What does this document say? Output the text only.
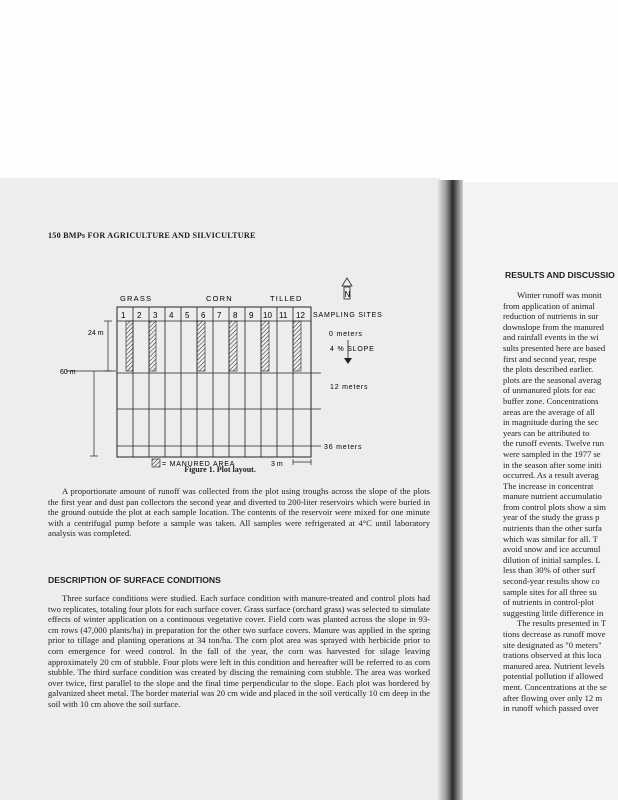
150 BMPs FOR AGRICULTURE AND SILVICULTURE
GRASS	CORN	TILLED	N
1 2 3 4 5 6 7 8 9 10 11 12 SAMPLING SITES
0 meters
4 % SLOPE
12 meters
36 meters
24 m
60 m
3 m
= MANURED AREA
Figure 1. Plot layout.

A proportionate amount of runoff was collected from the plot using troughs across the slope of the plots the first year and dust pan collectors the second year and diverted to 200-liter reservoirs which were buried in the ground outside the plot at each sample location. The contents of the reservoir were mixed for one minute with a centrifugal pump before a sample was taken. All samples were refrigerated at 4°C until laboratory analysis was completed.

DESCRIPTION OF SURFACE CONDITIONS

Three surface conditions were studied. Each surface condition with manure-treated and control plots had two replicates, totaling four plots for each surface cover. Grass surface (orchard grass) was selected to simulate effects of winter application on a continuous vegetative cover. Field corn was planted across the slope in 93-cm rows (47,000 plants/ha) in preparation for the other two surface covers. Manure was applied in the spring prior to tillage and planting operations at 34 ton/ha. The corn plot area was sprayed with herbicide prior to corn emergence for weed control. In the fall of the year, the corn was harvested for silage leaving approximately 20 cm of stubble. Four plots were left in this condition and hereafter will be referred to as corn stubble. The third surface condition was created by discing the remaining corn stubble. The area was worked over twice, first parallel to the slope and the final time perpendicular to the slope. Each plot was bordered by galvanized sheet metal. The border material was 20 cm wide and placed in the soil vertically 10 cm deep in the soil with 10 cm above the soil surface.

RESULTS AND DISCUSSIO
Winter runoff was monit
from application of animal
reduction of nutrients in sur
downslope from the manured
and rainfall events in the wi
sults presented here are based
first and second year, respe
the plots described earlier.
plots are the seasonal averag
of unmanured plots for eac
buffer zone. Concentrations
areas are the average of all
in magnitude during the sec
years can be attributed to
the runoff events. Twelve run
were sampled in the 1977 se
in the season after some initi
occurred. As a result averag
The increase in concentrat
manure nutrient accumulatio
from control plots show a sim
year of the study the grass p
nutrients than the other surfa
which was similar for all. T
avoid snow and ice accumul
dilution of initial samples. L
less than 30% of other surf
second-year results show co
sample sites for all three su
of nutrients in control-plot
suggesting little difference in
The results presented in T
tions decrease as runoff move
site designated as "0 meters"
trations observed at this loca
manured area. Nutrient levels
potential pollution if allowed
ment. Concentrations at the se
after flowing over only 12 m
in runoff which passed over
